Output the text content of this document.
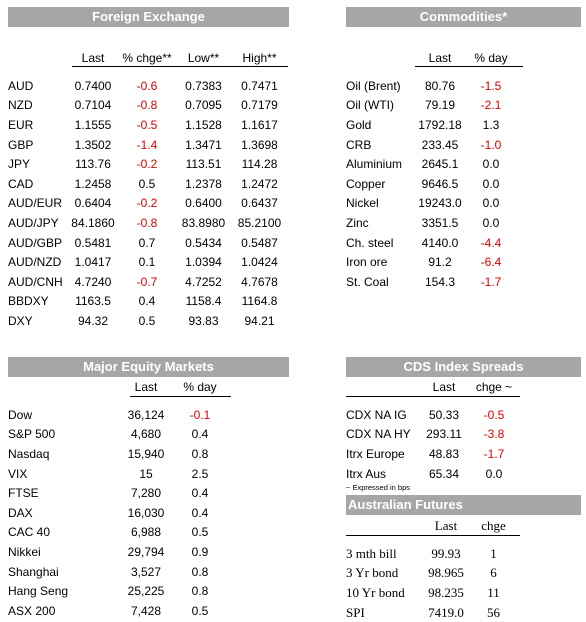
Foreign Exchange
	Last	% chge**	Low**	High**

AUD	0.7400	-0.6	0.7383	0.7471
NZD	0.7104	-0.8	0.7095	0.7179
EUR	1.1555	-0.5	1.1528	1.1617
GBP	1.3502	-1.4	1.3471	1.3698
JPY	113.76	-0.2	113.51	114.28
CAD	1.2458	0.5	1.2378	1.2472
AUD/EUR	0.6404	-0.2	0.6400	0.6437
AUD/JPY	84.1860	-0.8	83.8980	85.2100
AUD/GBP	0.5481	0.7	0.5434	0.5487
AUD/NZD	1.0417	0.1	1.0394	1.0424
AUD/CNH	4.7240	-0.7	4.7252	4.7678
BBDXY	1163.5	0.4	1158.4	1164.8
DXY	94.32	0.5	93.83	94.21
Commodities*
	Last	% day

Oil (Brent)	80.76	-1.5
Oil (WTI)	79.19	-2.1
Gold	1792.18	1.3
CRB	233.45	-1.0
Aluminium	2645.1	0.0
Copper	9646.5	0.0
Nickel	19243.0	0.0
Zinc	3351.5	0.0
Ch. steel	4140.0	-4.4
Iron ore	91.2	-6.4
St. Coal	154.3	-1.7
Major Equity Markets
	Last	% day

Dow	36,124	-0.1
S&P 500	4,680	0.4
Nasdaq	15,940	0.8
VIX	15	2.5
FTSE	7,280	0.4
DAX	16,030	0.4
CAC 40	6,988	0.5
Nikkei	29,794	0.9
Shanghai	3,527	0.8
Hang Seng	25,225	0.8
ASX 200	7,428	0.5
CDS Index Spreads
	Last	chge ~

CDX NA IG	50.33	-0.5
CDX NA HY	293.11	-3.8
Itrx Europe	48.83	-1.7
Itrx Aus	65.34	0.0
~ Expressed in bps
Australian Futures
	Last	chge

3 mth bill	99.93	1
3 Yr bond	98.965	6
10 Yr bond	98.235	11
SPI	7419.0	56
